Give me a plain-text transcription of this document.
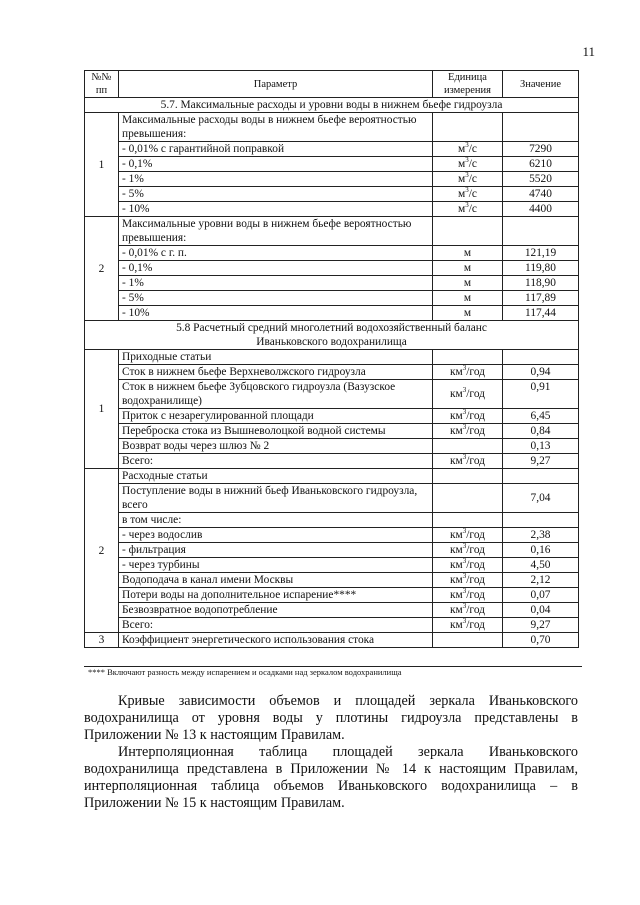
11
№№ пп	Параметр	Единица измерения	Значение
5.7. Максимальные расходы и уровни воды в нижнем бьефе гидроузла			
1	Максимальные расходы воды в нижнем бьефе вероятностью превышения:		
	- 0,01% с гарантийной поправкой	$м^3/с$	7290
	- 0,1%	$м^3/с$	6210
	- 1%	$м^3/с$	5520
	- 5%	$м^3/с$	4740
	- 10%	$м^3/с$	4400
2	Максимальные уровни воды в нижнем бьефе вероятностью превышения:		
	- 0,01% с г. п.	м	121,19
	- 0,1%	м	119,80
	- 1%	м	118,90
	- 5%	м	117,89
	- 10%	м	117,44
5.8 Расчетный средний многолетний водохозяйственный баланс
Иваньковского водохранилища			
1	Приходные статьи		
	Сток в нижнем бьефе Верхневолжского гидроузла	$км^3$/год	0,94
	Сток в нижнем бьефе Зубцовского гидроузла (Вазузское водохранилище)	$км^3$/год	0,91
	Приток с незарегулированной площади	$км^3$/год	6,45
	Переброска стока из Вышневолоцкой водной системы	$км^3$/год	0,84
	Возврат воды через шлюз № 2		0,13
	Всего:	$км^3$/год	9,27
2	Расходные статьи		
	Поступление воды в нижний бьеф Иваньковского гидроузла, всего		7,04
	в том числе:		
	- через водослив	$км^3$/год	2,38
	- фильтрация	$км^3$/год	0,16
	- через турбины	$км^3$/год	4,50
	Водоподача в канал имени Москвы	$км^3$/год	2,12
	Потери воды на дополнительное испарение****	$км^3$/год	0,07
	Безвозвратное водопотребление	$км^3$/год	0,04
	Всего:	$км^3$/год	9,27
3	Коэффициент энергетического использования стока		0,70
**** Включают разность между испарением и осадками над зеркалом водохранилища
Кривые зависимости объемов и площадей зеркала Иваньковского водохранилища от уровня воды у плотины гидроузла представлены в Приложении № 13 к настоящим Правилам.
Интерполяционная таблица площадей зеркала Иваньковского водохранилища представлена в Приложении № 14 к настоящим Правилам, интерполяционная таблица объемов Иваньковского водохранилища – в Приложении № 15 к настоящим Правилам.
